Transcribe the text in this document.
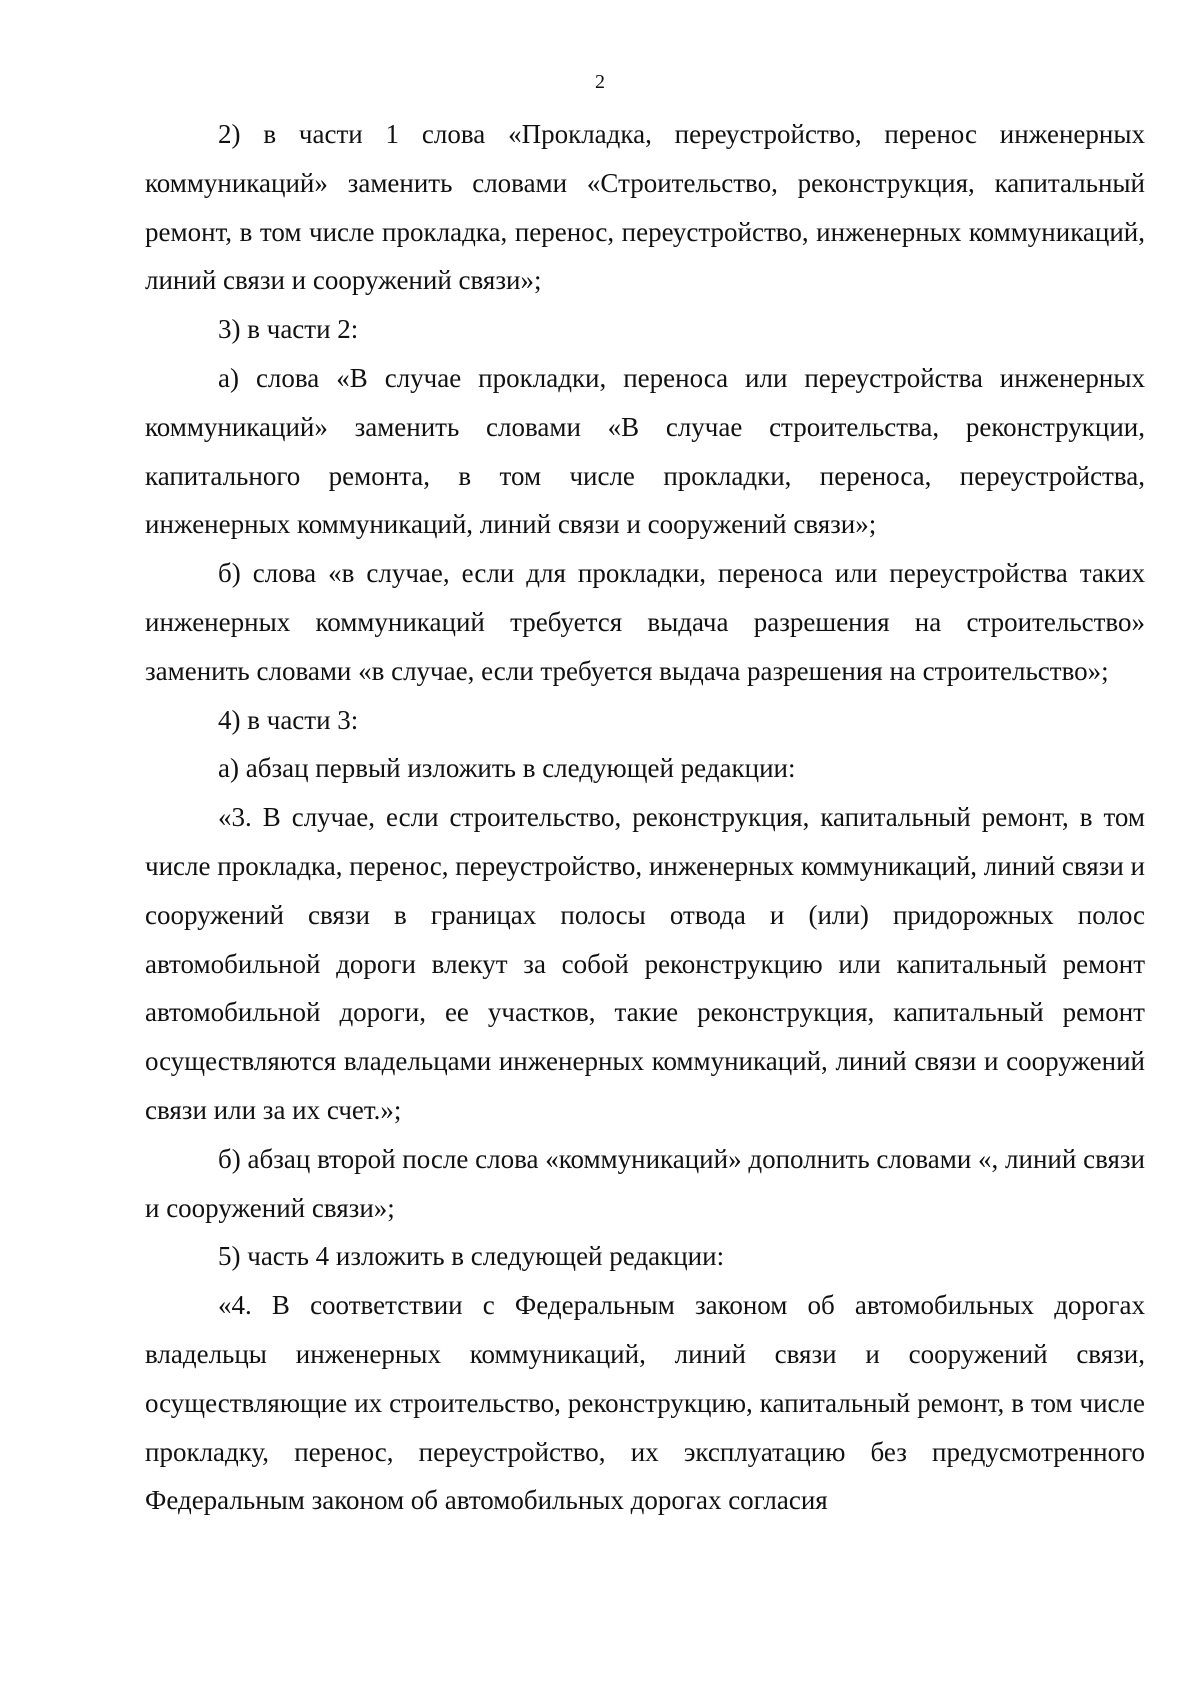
2

2) в части 1 слова «Прокладка, переустройство, перенос инженерных коммуникаций» заменить словами «Строительство, реконструкция, капитальный ремонт, в том числе прокладка, перенос, переустройство, инженерных коммуникаций, линий связи и сооружений связи»;

3) в части 2:

а) слова «В случае прокладки, переноса или переустройства инженерных коммуникаций» заменить словами «В случае строительства, реконструкции, капитального ремонта, в том числе прокладки, переноса, переустройства, инженерных коммуникаций, линий связи и сооружений связи»;

б) слова «в случае, если для прокладки, переноса или переустройства таких инженерных коммуникаций требуется выдача разрешения на строительство» заменить словами «в случае, если требуется выдача разрешения на строительство»;

4) в части 3:

а) абзац первый изложить в следующей редакции:

«3. В случае, если строительство, реконструкция, капитальный ремонт, в том числе прокладка, перенос, переустройство, инженерных коммуникаций, линий связи и сооружений связи в границах полосы отвода и (или) придорожных полос автомобильной дороги влекут за собой реконструкцию или капитальный ремонт автомобильной дороги, ее участков, такие реконструкция, капитальный ремонт осуществляются владельцами инженерных коммуникаций, линий связи и сооружений связи или за их счет.»;

б) абзац второй после слова «коммуникаций» дополнить словами «, линий связи и сооружений связи»;

5) часть 4 изложить в следующей редакции:

«4. В соответствии с Федеральным законом об автомобильных дорогах владельцы инженерных коммуникаций, линий связи и сооружений связи, осуществляющие их строительство, реконструкцию, капитальный ремонт, в том числе прокладку, перенос, переустройство, их эксплуатацию без предусмотренного Федеральным законом об автомобильных дорогах согласия
